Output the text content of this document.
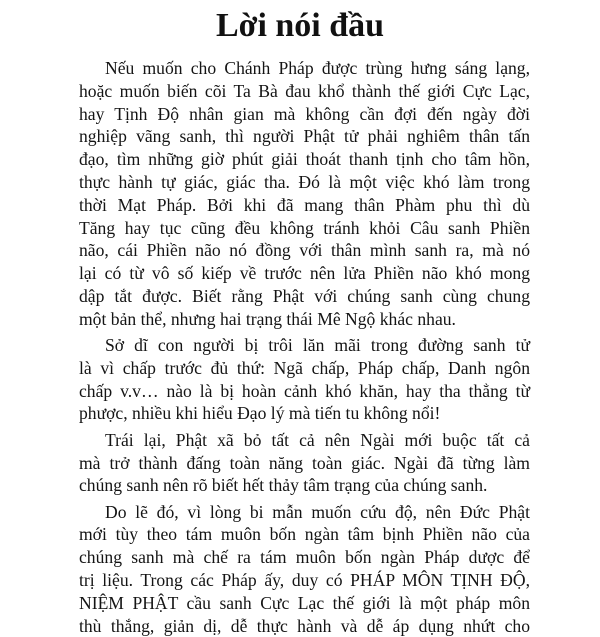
Lời nói đầu
Nếu muốn cho Chánh Pháp được trùng hưng sáng lạng,
hoặc muốn biến cõi Ta Bà đau khổ thành thế giới Cực Lạc,
hay Tịnh Độ nhân gian mà không cần đợi đến ngày đời
nghiệp vãng sanh, thì người Phật tử phải nghiêm thân tấn
đạo, tìm những giờ phút giải thoát thanh tịnh cho tâm hồn,
thực hành tự giác, giác tha. Đó là một việc khó làm trong
thời Mạt Pháp. Bởi khi đã mang thân Phàm phu thì dù
Tăng hay tục cũng đều không tránh khỏi Câu sanh Phiền
não, cái Phiền não nó đồng với thân mình sanh ra, mà nó
lại có từ vô số kiếp về trước nên lửa Phiền não khó mong
dập tắt được. Biết rằng Phật với chúng sanh cùng chung
một bản thể, nhưng hai trạng thái Mê Ngộ khác nhau.
Sở dĩ con người bị trôi lăn mãi trong đường sanh tử
là vì chấp trước đủ thứ: Ngã chấp, Pháp chấp, Danh ngôn
chấp v.v… nào là bị hoàn cảnh khó khăn, hay tha thẳng từ
phược, nhiều khi hiểu Đạo lý mà tiến tu không nổi!
Trái lại, Phật xã bỏ tất cả nên Ngài mới buộc tất cả
mà trở thành đấng toàn năng toàn giác. Ngài đã từng làm
chúng sanh nên rõ biết hết thảy tâm trạng của chúng sanh.
Do lẽ đó, vì lòng bi mẫn muốn cứu độ, nên Đức Phật
mới tùy theo tám muôn bốn ngàn tâm bịnh Phiền não của
chúng sanh mà chế ra tám muôn bốn ngàn Pháp dược để
trị liệu. Trong các Pháp ấy, duy có PHÁP MÔN TỊNH ĐỘ,
NIỆM PHẬT cầu sanh Cực Lạc thế giới là một pháp môn
thù thắng, giản dị, dễ thực hành và dễ áp dụng nhứt cho
